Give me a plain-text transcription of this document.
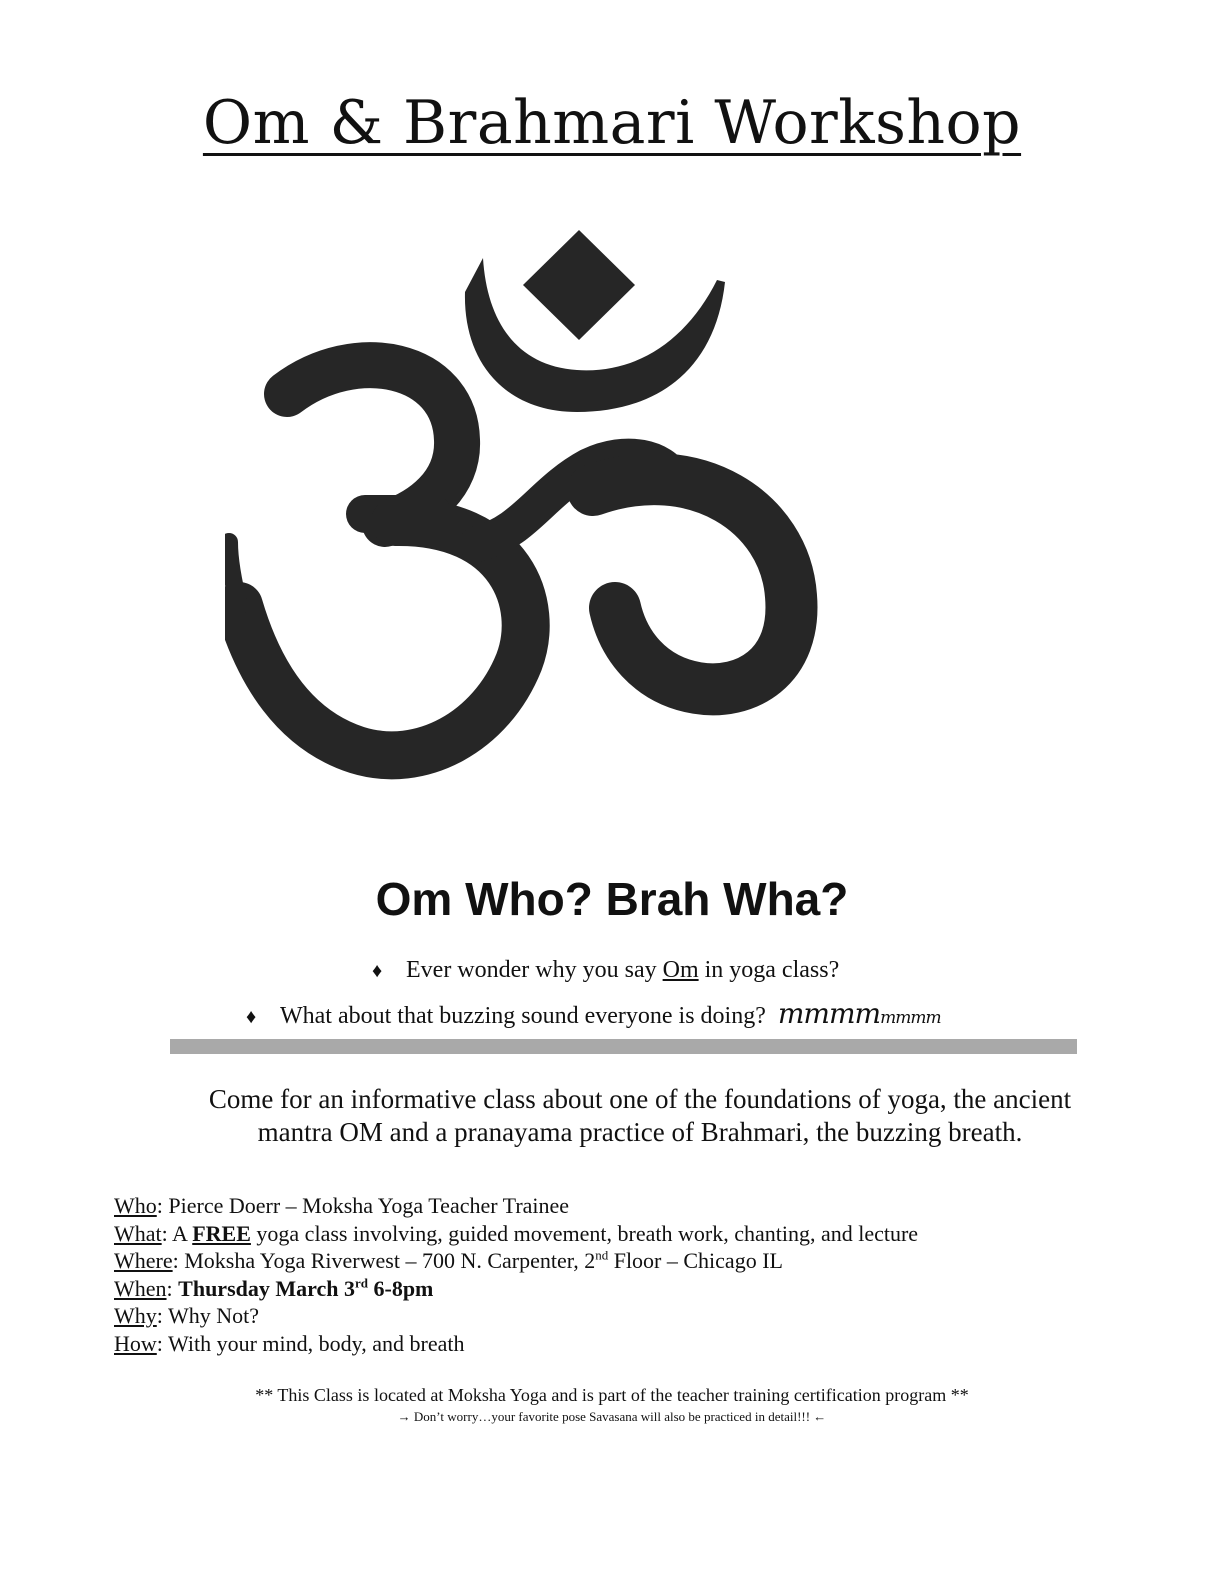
Om & Brahmari Workshop
Om Who? Brah Wha?
♦ Ever wonder why you say Om in yoga class?
♦ What about that buzzing sound everyone is doing? mmmmmmmm
Come for an informative class about one of the foundations of yoga, the ancient
mantra OM and a pranayama practice of Brahmari, the buzzing breath.
Who: Pierce Doerr – Moksha Yoga Teacher Trainee
What: A FREE yoga class involving, guided movement, breath work, chanting, and lecture
Where: Moksha Yoga Riverwest – 700 N. Carpenter, 2nd Floor – Chicago IL
When: Thursday March 3rd 6-8pm
Why: Why Not?
How: With your mind, body, and breath
** This Class is located at Moksha Yoga and is part of the teacher training certification program **
→ Don’t worry…your favorite pose Savasana will also be practiced in detail!!! ←
